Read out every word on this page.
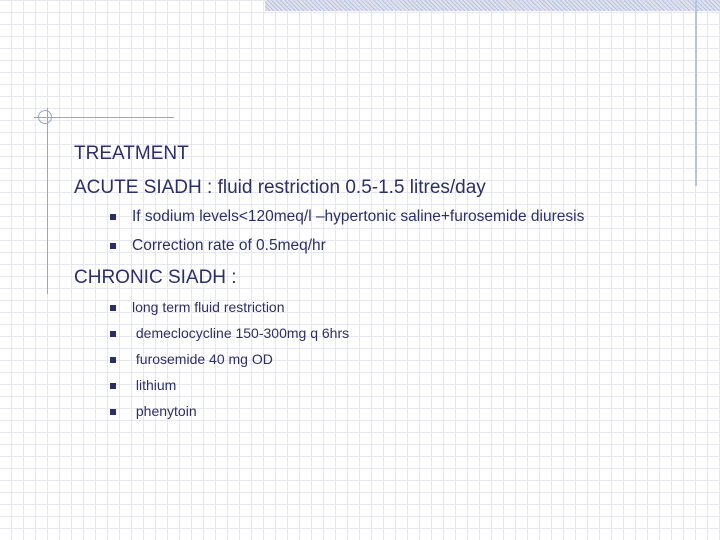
TREATMENT
ACUTE SIADH : fluid restriction 0.5-1.5 litres/day
If sodium levels<120meq/l –hypertonic saline+furosemide diuresis
Correction rate of 0.5meq/hr
CHRONIC SIADH :
long term fluid restriction
demeclocycline 150-300mg q 6hrs
furosemide 40 mg OD
lithium
phenytoin
